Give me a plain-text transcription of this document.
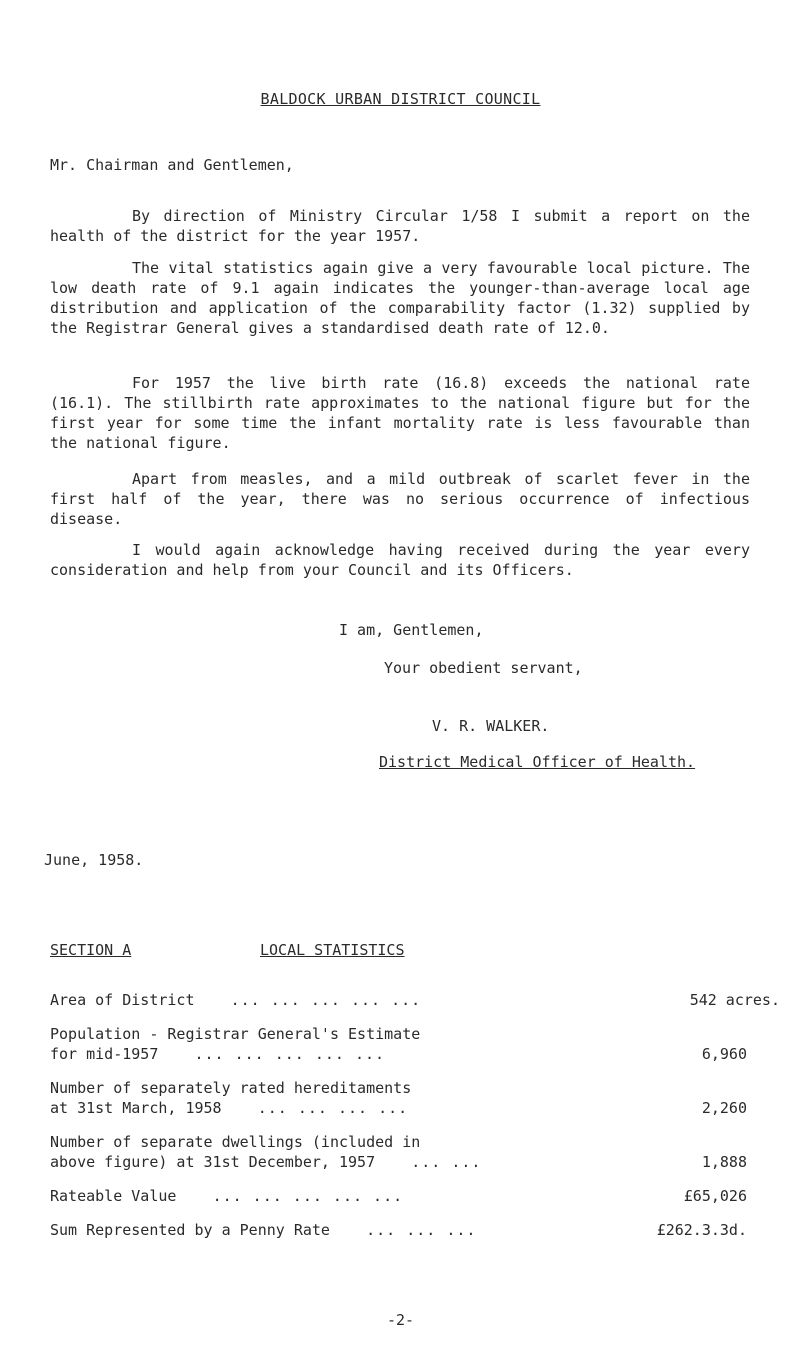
BALDOCK URBAN DISTRICT COUNCIL
Mr. Chairman and Gentlemen,

By direction of Ministry Circular 1/58 I submit a report on the health of the district for the year 1957.

The vital statistics again give a very favourable local picture. The low death rate of 9.1 again indicates the younger-than-average local age distribution and application of the comparability factor (1.32) supplied by the Registrar General gives a standardised death rate of 12.0.

For 1957 the live birth rate (16.8) exceeds the national rate (16.1). The stillbirth rate approximates to the national figure but for the first year for some time the infant mortality rate is less favourable than the national figure.

Apart from measles, and a mild outbreak of scarlet fever in the first half of the year, there was no serious occurrence of infectious disease.

I would again acknowledge having received during the year every consideration and help from your Council and its Officers.

I am, Gentlemen,
Your obedient servant,
V. R. WALKER.
District Medical Officer of Health.
June, 1958.
SECTION A	LOCAL STATISTICS
Area of District ... ... ... ... ...	542 acres.
Population - Registrar General's Estimate
for mid-1957 ... ... ... ... ...	6,960
Number of separately rated hereditaments
at 31st March, 1958 ... ... ... ...	2,260
Number of separate dwellings (included in
above figure) at 31st December, 1957 ... ...	1,888
Rateable Value ... ... ... ... ...	£65,026
Sum Represented by a Penny Rate ... ... ...	£262.3.3d.
-2-
